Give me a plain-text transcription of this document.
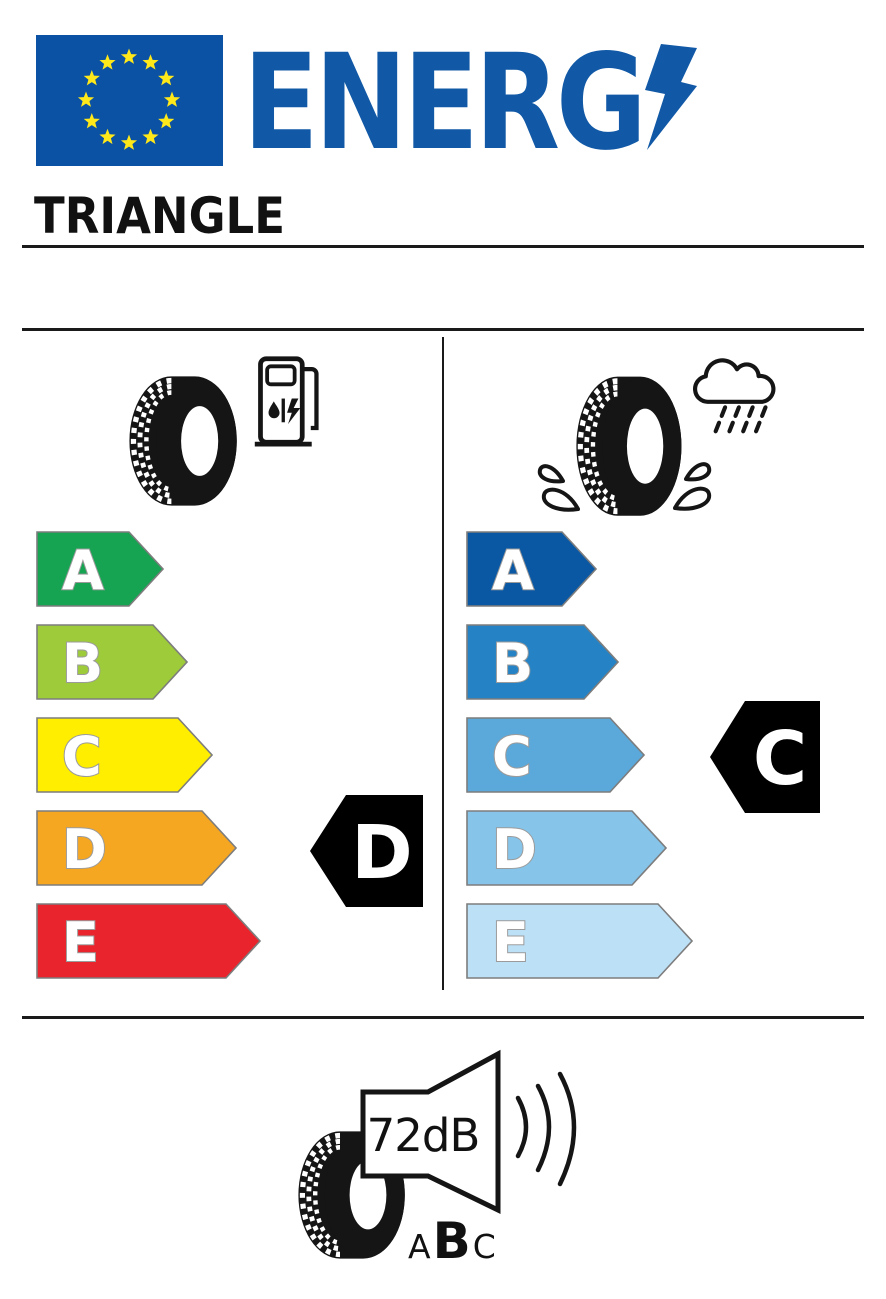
ENERG
TRIANGLE
A
B
C
D
E
A
B
C
D
E
D
C
72dB
A B C
